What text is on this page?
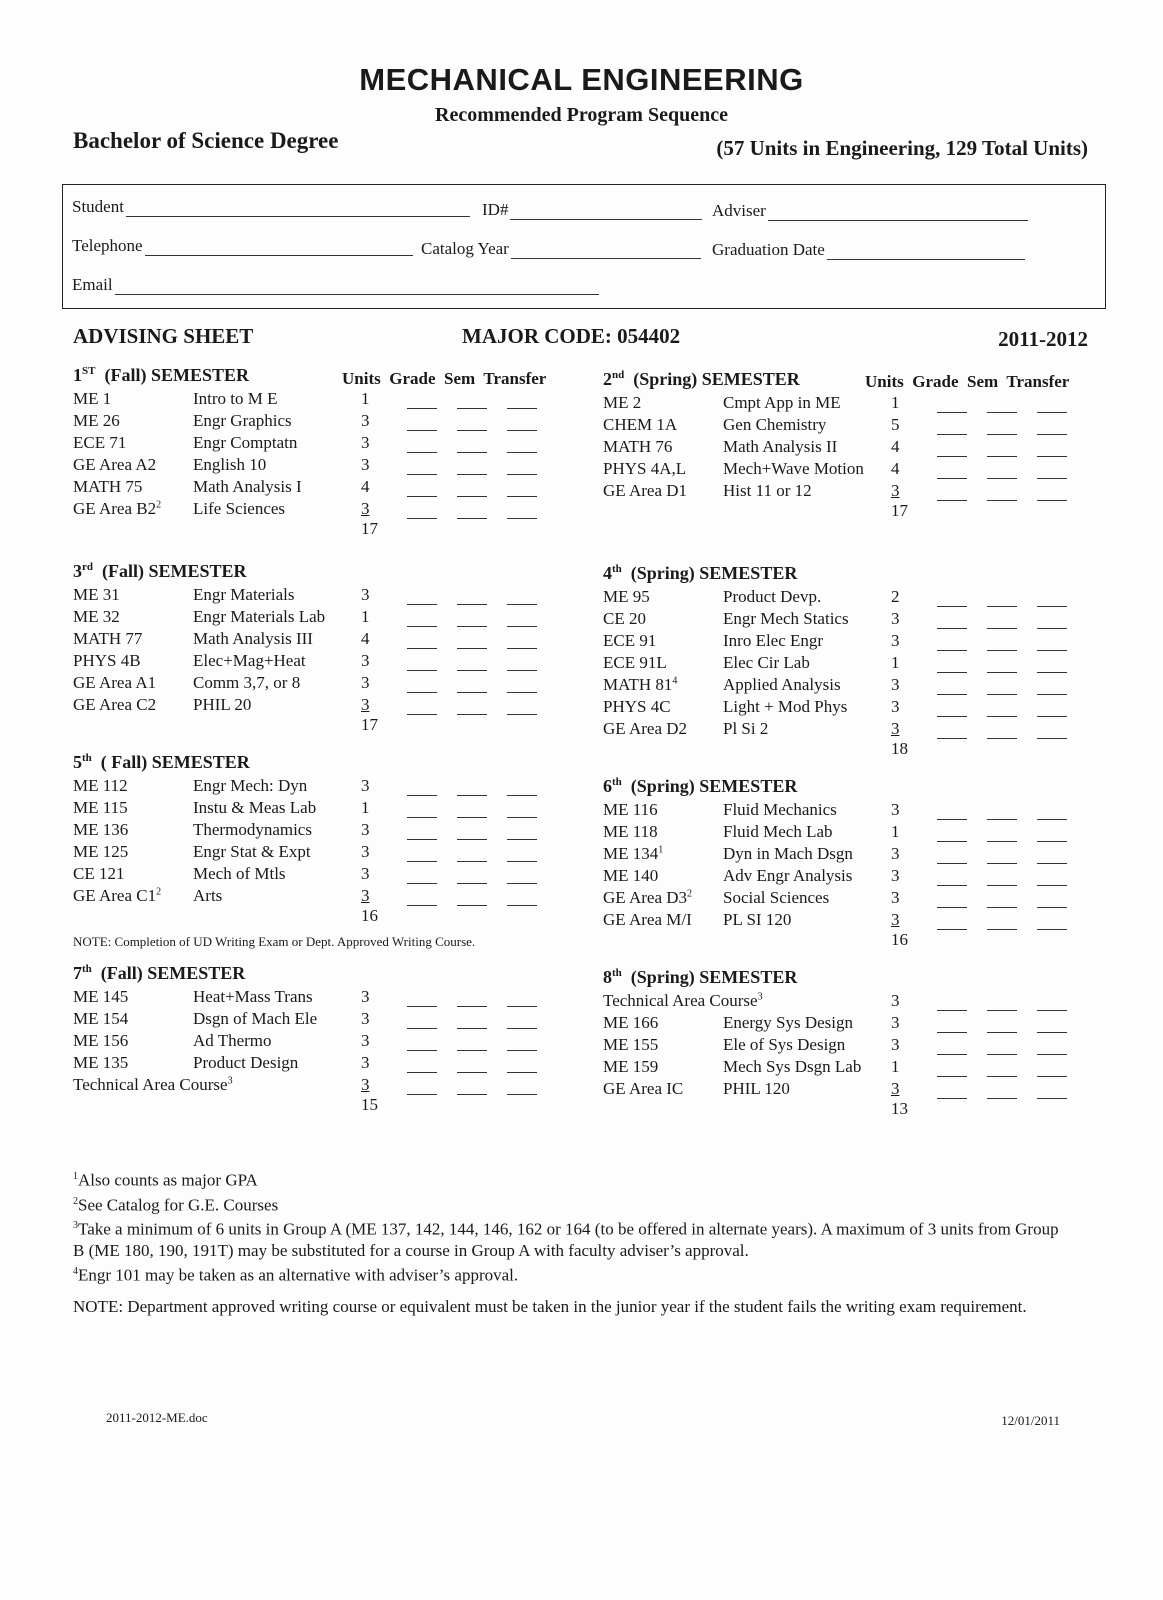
MECHANICAL ENGINEERING
Recommended Program Sequence
Bachelor of Science Degree	(57 Units in Engineering, 129 Total Units)
Student	ID#	Adviser
Telephone	Catalog Year	Graduation Date
Email
ADVISING SHEET	MAJOR CODE: 054402	2011-2012
Units Grade Sem Transfer	Units Grade Sem Transfer
1ST (Fall) SEMESTER
ME 1	Intro to M E	1
ME 26	Engr Graphics	3
ECE 71	Engr Comptatn	3
GE Area A2	English 10	3
MATH 75	Math Analysis I	4
GE Area $B2^2$	Life Sciences	3
17
2nd (Spring) SEMESTER
ME 2	Cmpt App in ME	1
CHEM 1A	Gen Chemistry	5
MATH 76	Math Analysis II	4
PHYS 4A,L	Mech+Wave Motion	4
GE Area D1	Hist 11 or 12	3
17
3rd (Fall) SEMESTER
ME 31	Engr Materials	3
ME 32	Engr Materials Lab	1
MATH 77	Math Analysis III	4
PHYS 4B	Elec+Mag+Heat	3
GE Area A1	Comm 3,7, or 8	3
GE Area C2	PHIL 20	3
17
4th (Spring) SEMESTER
ME 95	Product Devp.	2
CE 20	Engr Mech Statics	3
ECE 91	Inro Elec Engr	3
ECE 91L	Elec Cir Lab	1
MATH $81^4$	Applied Analysis	3
PHYS 4C	Light + Mod Phys	3
GE Area D2	Pl Si 2	3
18
5th ( Fall) SEMESTER
ME 112	Engr Mech: Dyn	3
ME 115	Instu & Meas Lab	1
ME 136	Thermodynamics	3
ME 125	Engr Stat & Expt	3
CE 121	Mech of Mtls	3
GE Area $C1^2$	Arts	3
16
6th (Spring) SEMESTER
ME 116	Fluid Mechanics	3
ME 118	Fluid Mech Lab	1
ME $134^1$	Dyn in Mach Dsgn	3
ME 140	Adv Engr Analysis	3
GE Area $D3^2$	Social Sciences	3
GE Area M/I	PL SI 120	3
16
7th (Fall) SEMESTER
ME 145	Heat+Mass Trans	3
ME 154	Dsgn of Mach Ele	3
ME 156	Ad Thermo	3
ME 135	Product Design	3
Technical Area Course$^3$	3
15
8th (Spring) SEMESTER
Technical Area Course$^3$	3
ME 166	Energy Sys Design	3
ME 155	Ele of Sys Design	3
ME 159	Mech Sys Dsgn Lab	1
GE Area IC	PHIL 120	3
13
NOTE: Completion of UD Writing Exam or Dept. Approved Writing Course.
$^1$Also counts as major GPA
$^2$See Catalog for G.E. Courses
$^3$Take a minimum of 6 units in Group A (ME 137, 142, 144, 146, 162 or 164 (to be offered in alternate years). A maximum of 3 units from Group B (ME 180, 190, 191T) may be substituted for a course in Group A with faculty adviser’s approval.
$^4$Engr 101 may be taken as an alternative with adviser’s approval.
NOTE: Department approved writing course or equivalent must be taken in the junior year if the student fails the writing exam requirement.
2011-2012-ME.doc	12/01/2011
